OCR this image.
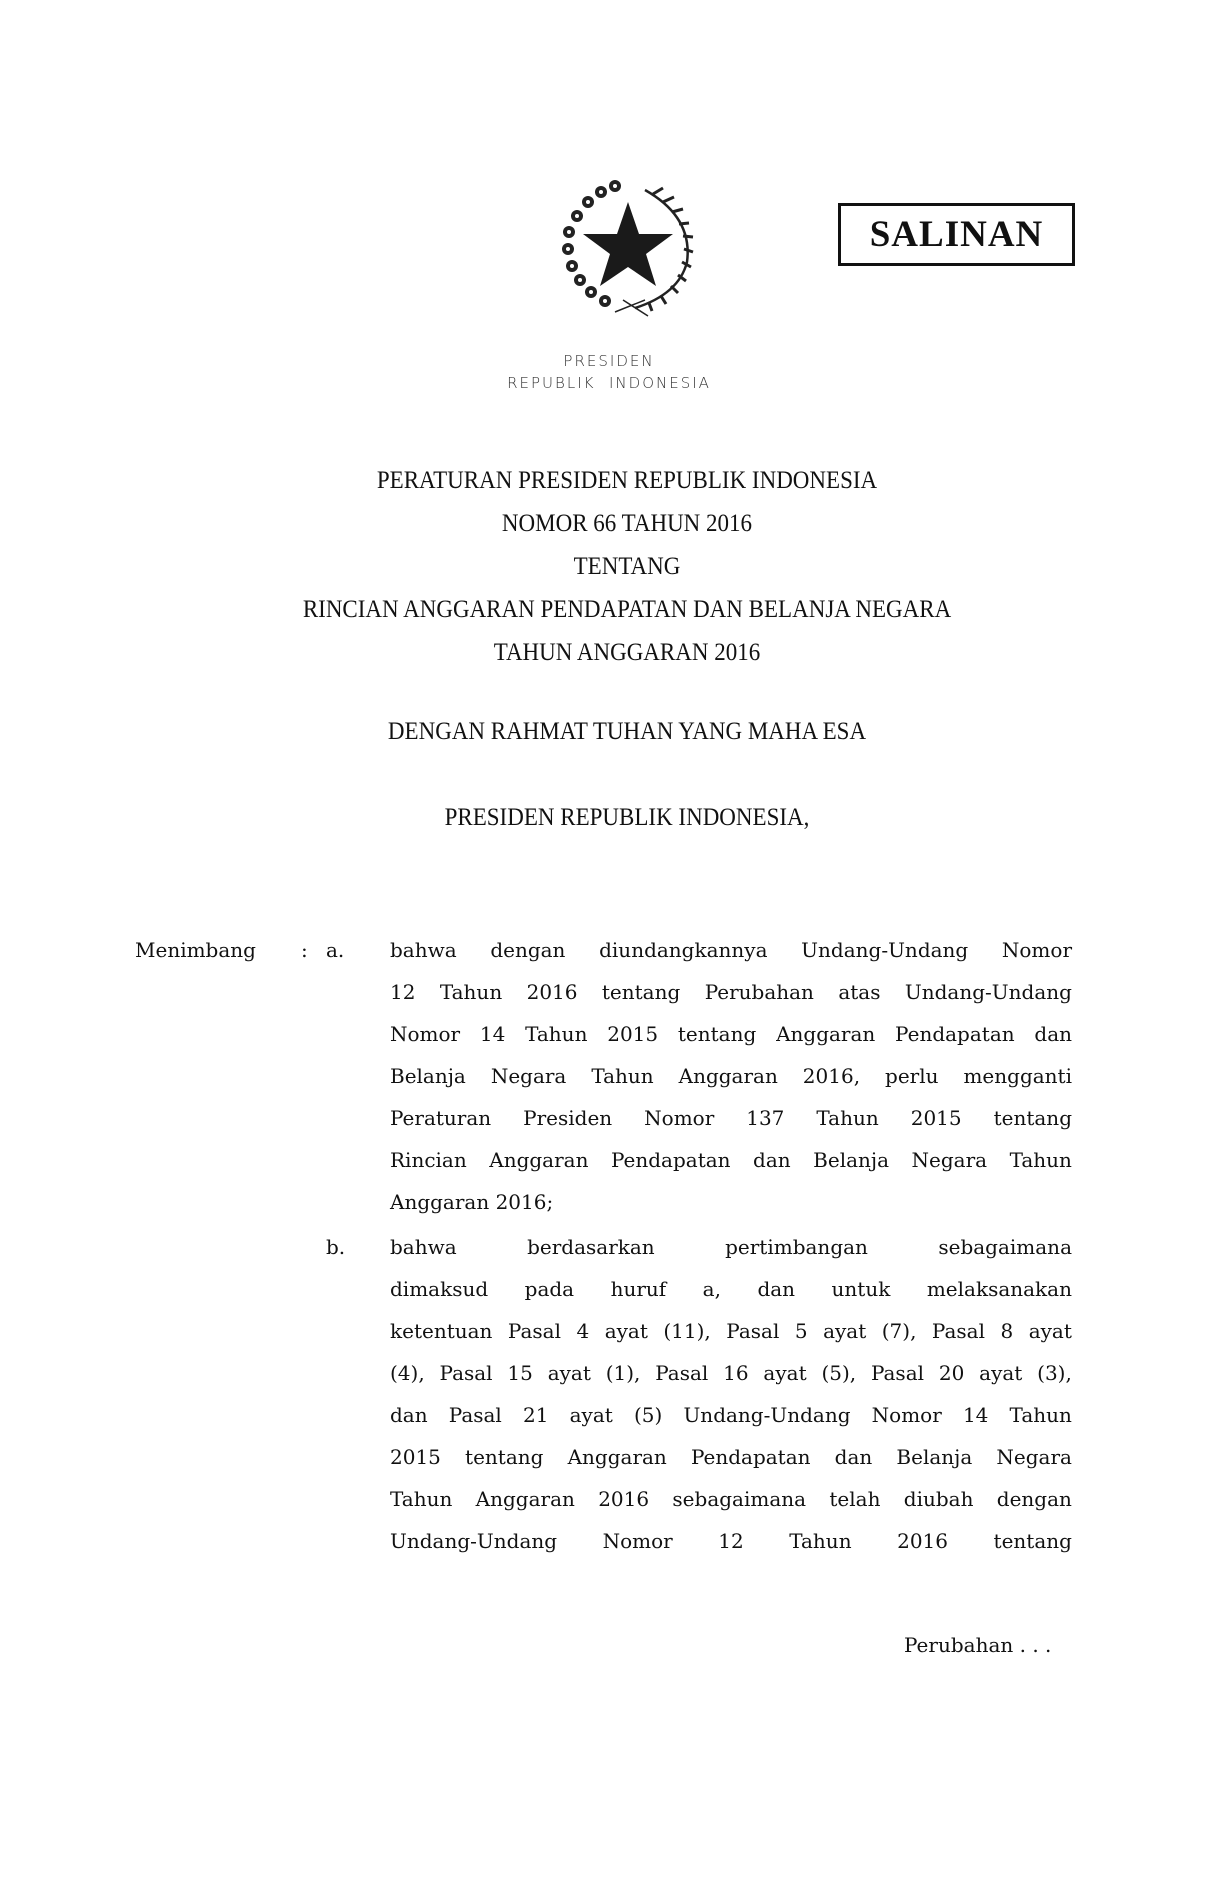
SALINAN
PRESIDEN
REPUBLIK  INDONESIA
PERATURAN PRESIDEN REPUBLIK INDONESIA
NOMOR 66 TAHUN 2016
TENTANG
RINCIAN ANGGARAN PENDAPATAN DAN BELANJA NEGARA
TAHUN ANGGARAN 2016
DENGAN RAHMAT TUHAN YANG MAHA ESA
PRESIDEN REPUBLIK INDONESIA,
Menimbang : a. bahwa dengan diundangkannya Undang-Undang Nomor
12 Tahun 2016 tentang Perubahan atas Undang-Undang
Nomor 14 Tahun 2015 tentang Anggaran Pendapatan dan
Belanja Negara Tahun Anggaran 2016, perlu mengganti
Peraturan Presiden Nomor 137 Tahun 2015 tentang
Rincian Anggaran Pendapatan dan Belanja Negara Tahun
Anggaran 2016;
b. bahwa	berdasarkan	pertimbangan	sebagaimana
dimaksud pada huruf a, dan untuk melaksanakan
ketentuan Pasal 4 ayat (11), Pasal 5 ayat (7), Pasal 8 ayat
(4), Pasal 15 ayat (1), Pasal 16 ayat (5), Pasal 20 ayat (3),
dan Pasal 21 ayat (5) Undang-Undang Nomor 14 Tahun
2015 tentang Anggaran Pendapatan dan Belanja Negara
Tahun Anggaran 2016 sebagaimana telah diubah dengan
Undang-Undang Nomor 12 Tahun 2016 tentang
Perubahan . . .
